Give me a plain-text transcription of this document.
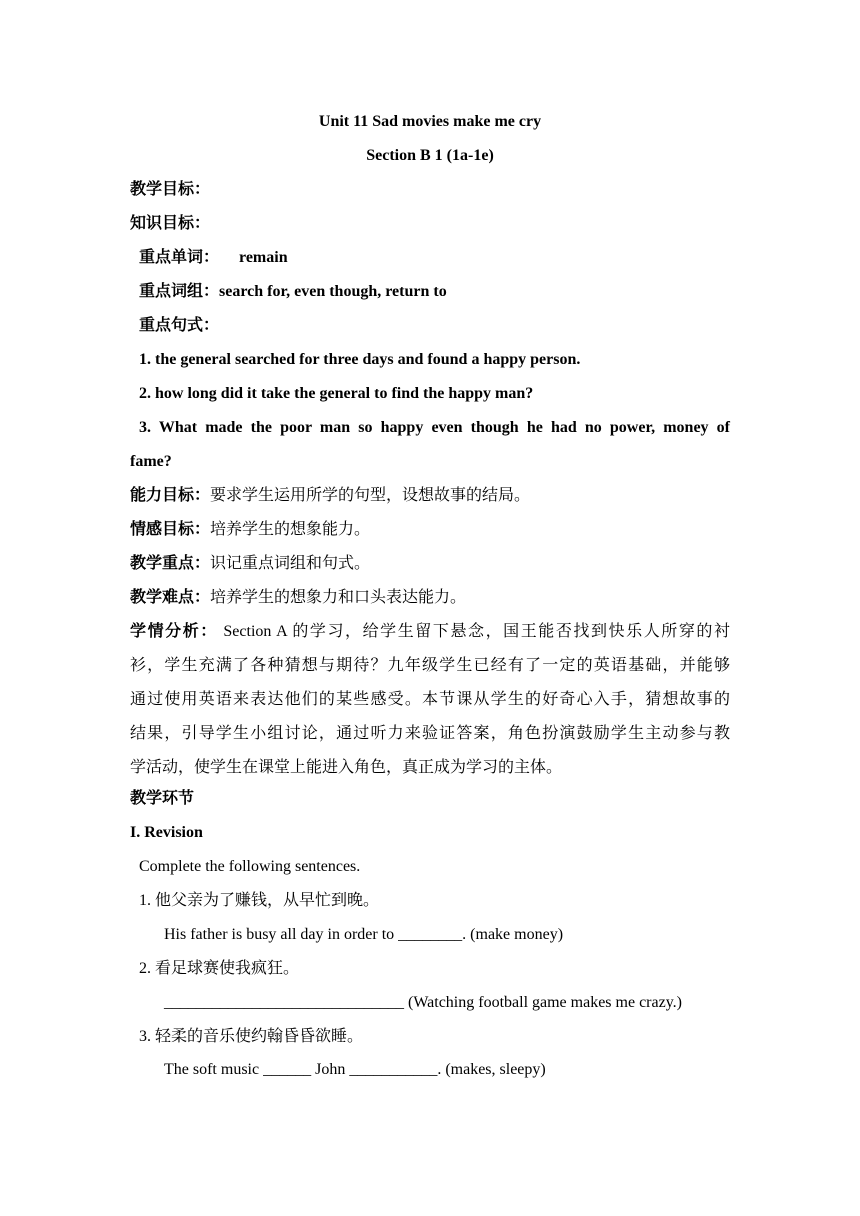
Unit 11 Sad movies make me cry
Section B 1 (1a-1e)
教学目标：
知识目标：
重点单词： remain
重点词组：search for, even though, return to
重点句式：
1. the general searched for three days and found a happy person.
2. how long did it take the general to find the happy man?
3. What made the poor man so happy even though he had no power, money of
fame?
能力目标：要求学生运用所学的句型，设想故事的结局。
情感目标：培养学生的想象能力。
教学重点：识记重点词组和句式。
教学难点：培养学生的想象力和口头表达能力。
学情分析： Section A 的学习，给学生留下悬念，国王能否找到快乐人所穿的衬
衫，学生充满了各种猜想与期待？九年级学生已经有了一定的英语基础，并能够
通过使用英语来表达他们的某些感受。本节课从学生的好奇心入手，猜想故事的
结果，引导学生小组讨论，通过听力来验证答案，角色扮演鼓励学生主动参与教
学活动，使学生在课堂上能进入角色，真正成为学习的主体。
教学环节
I. Revision
Complete the following sentences.
1. 他父亲为了赚钱，从早忙到晚。
His father is busy all day in order to ________. (make money)
2. 看足球赛使我疯狂。
______________________________ (Watching football game makes me crazy.)
3. 轻柔的音乐使约翰昏昏欲睡。
The soft music ______ John ___________. (makes, sleepy)
